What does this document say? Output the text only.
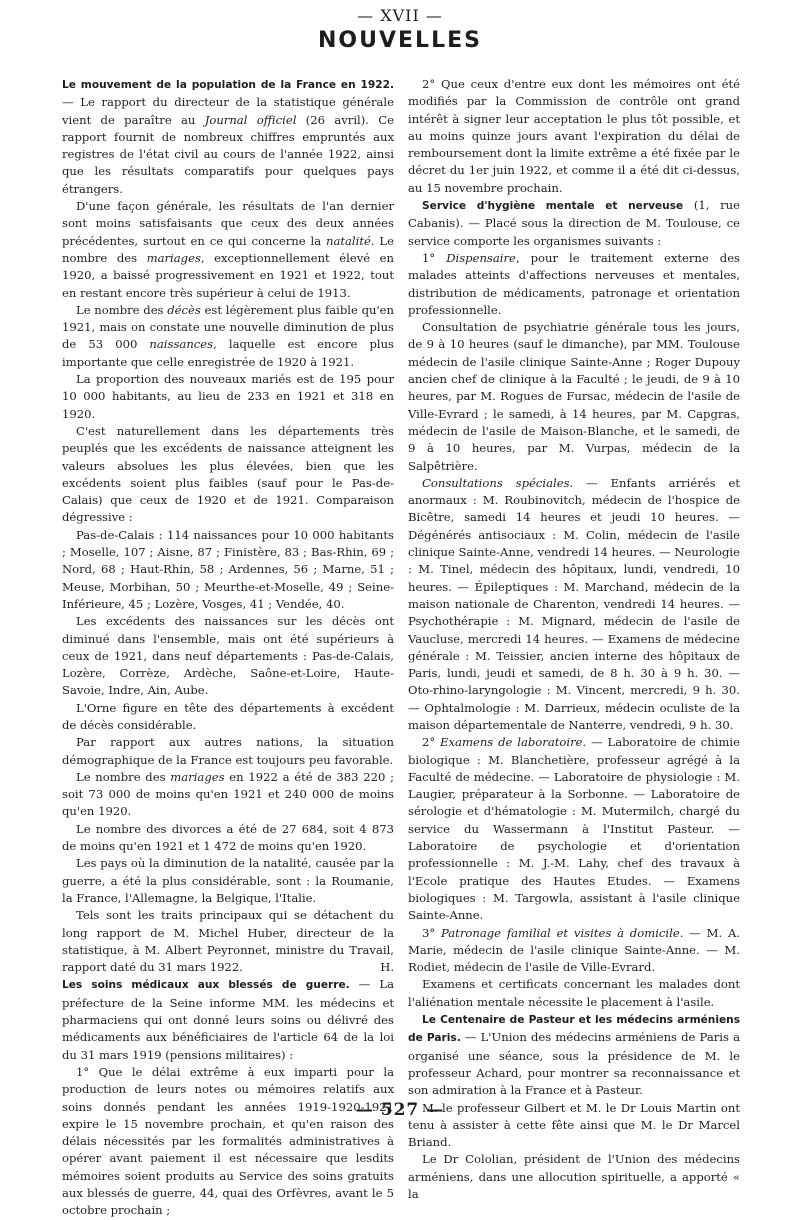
— XVII —
NOUVELLES

Le mouvement de la population de la France en 1922. — Le rapport du directeur de la statistique générale vient de paraître au Journal officiel (26 avril). Ce rapport fournit de nombreux chiffres empruntés aux registres de l'état civil au cours de l'année 1922, ainsi que les résultats comparatifs pour quelques pays étrangers.

D'une façon générale, les résultats de l'an dernier sont moins satisfaisants que ceux des deux années précédentes, surtout en ce qui concerne la natalité. Le nombre des mariages, exceptionnellement élevé en 1920, a baissé progressivement en 1921 et 1922, tout en restant encore très supérieur à celui de 1913.

Le nombre des décès est légèrement plus faible qu'en 1921, mais on constate une nouvelle diminution de plus de 53 000 naissances, laquelle est encore plus importante que celle enregistrée de 1920 à 1921.

La proportion des nouveaux mariés est de 195 pour 10 000 habitants, au lieu de 233 en 1921 et 318 en 1920.

C'est naturellement dans les départements très peuplés que les excédents de naissance atteignent les valeurs absolues les plus élevées, bien que les excédents soient plus faibles (sauf pour le Pas-de-Calais) que ceux de 1920 et de 1921. Comparaison dégressive :

Pas-de-Calais : 114 naissances pour 10 000 habitants ; Moselle, 107 ; Aisne, 87 ; Finistère, 83 ; Bas-Rhin, 69 ; Nord, 68 ; Haut-Rhin, 58 ; Ardennes, 56 ; Marne, 51 ; Meuse, Morbihan, 50 ; Meurthe-et-Moselle, 49 ; Seine-Inférieure, 45 ; Lozère, Vosges, 41 ; Vendée, 40.

Les excédents des naissances sur les décès ont diminué dans l'ensemble, mais ont été supérieurs à ceux de 1921, dans neuf départements : Pas-de-Calais, Lozère, Corrèze, Ardèche, Saône-et-Loire, Haute-Savoie, Indre, Ain, Aube.

L'Orne figure en tête des départements à excédent de décès considérable.

Par rapport aux autres nations, la situation démographique de la France est toujours peu favorable.

Le nombre des mariages en 1922 a été de 383 220 ; soit 73 000 de moins qu'en 1921 et 240 000 de moins qu'en 1920.

Le nombre des divorces a été de 27 684, soit 4 873 de moins qu'en 1921 et 1 472 de moins qu'en 1920.

Les pays où la diminution de la natalité, causée par la guerre, a été la plus considérable, sont : la Roumanie, la France, l'Allemagne, la Belgique, l'Italie.

Tels sont les traits principaux qui se détachent du long rapport de M. Michel Huber, directeur de la statistique, à M. Albert Peyronnet, ministre du Travail, rapport daté du 31 mars 1922.	H.

Les soins médicaux aux blessés de guerre. — La préfecture de la Seine informe MM. les médecins et pharmaciens qui ont donné leurs soins ou délivré des médicaments aux bénéficiaires de l'article 64 de la loi du 31 mars 1919 (pensions militaires) :

1° Que le délai extrême à eux imparti pour la production de leurs notes ou mémoires relatifs aux soins donnés pendant les années 1919-1920-1921 expire le 15 novembre prochain, et qu'en raison des délais nécessités par les formalités administratives à opérer avant paiement il est nécessaire que lesdits mémoires soient produits au Service des soins gratuits aux blessés de guerre, 44, quai des Orfèvres, avant le 5 octobre prochain ;

2° Que ceux d'entre eux dont les mémoires ont été modifiés par la Commission de contrôle ont grand intérêt à signer leur acceptation le plus tôt possible, et au moins quinze jours avant l'expiration du délai de remboursement dont la limite extrême a été fixée par le décret du 1er juin 1922, et comme il a été dit ci-dessus, au 15 novembre prochain.

Service d'hygiène mentale et nerveuse (1, rue Cabanis). — Placé sous la direction de M. Toulouse, ce service comporte les organismes suivants :

1° Dispensaire, pour le traitement externe des malades atteints d'affections nerveuses et mentales, distribution de médicaments, patronage et orientation professionnelle.

Consultation de psychiatrie générale tous les jours, de 9 à 10 heures (sauf le dimanche), par MM. Toulouse médecin de l'asile clinique Sainte-Anne ; Roger Dupouy ancien chef de clinique à la Faculté ; le jeudi, de 9 à 10 heures, par M. Rogues de Fursac, médecin de l'asile de Ville-Evrard ; le samedi, à 14 heures, par M. Capgras, médecin de l'asile de Maison-Blanche, et le samedi, de 9 à 10 heures, par M. Vurpas, médecin de la Salpêtrière.

Consultations spéciales. — Enfants arriérés et anormaux : M. Roubinovitch, médecin de l'hospice de Bicêtre, samedi 14 heures et jeudi 10 heures. — Dégénérés antisociaux : M. Colin, médecin de l'asile clinique Sainte-Anne, vendredi 14 heures. — Neurologie : M. Tinel, médecin des hôpitaux, lundi, vendredi, 10 heures. — Épileptiques : M. Marchand, médecin de la maison nationale de Charenton, vendredi 14 heures. — Psychothérapie : M. Mignard, médecin de l'asile de Vaucluse, mercredi 14 heures. — Examens de médecine générale : M. Teissier, ancien interne des hôpitaux de Paris, lundi, jeudi et samedi, de 8 h. 30 à 9 h. 30. — Oto-rhino-laryngologie : M. Vincent, mercredi, 9 h. 30. — Ophtalmologie : M. Darrieux, médecin oculiste de la maison départementale de Nanterre, vendredi, 9 h. 30.

2° Examens de laboratoire. — Laboratoire de chimie biologique : M. Blanchetière, professeur agrégé à la Faculté de médecine. — Laboratoire de physiologie : M. Laugier, préparateur à la Sorbonne. — Laboratoire de sérologie et d'hématologie : M. Mutermilch, chargé du service du Wassermann à l'Institut Pasteur. — Laboratoire de psychologie et d'orientation professionnelle : M. J.-M. Lahy, chef des travaux à l'Ecole pratique des Hautes Etudes. — Examens biologiques : M. Targowla, assistant à l'asile clinique Sainte-Anne.

3° Patronage familial et visites à domicile. — M. A. Marie, médecin de l'asile clinique Sainte-Anne. — M. Rodiet, médecin de l'asile de Ville-Evrard.

Examens et certificats concernant les malades dont l'aliénation mentale nécessite le placement à l'asile.

Le Centenaire de Pasteur et les médecins arméniens de Paris. — L'Union des médecins arméniens de Paris a organisé une séance, sous la présidence de M. le professeur Achard, pour montrer sa reconnaissance et son admiration à la France et à Pasteur.

M. le professeur Gilbert et M. le Dr Louis Martin ont tenu à assister à cette fête ainsi que M. le Dr Marcel Briand.

Le Dr Cololian, président de l'Union des médecins arméniens, dans une allocution spirituelle, a apporté « la

— 527 —
